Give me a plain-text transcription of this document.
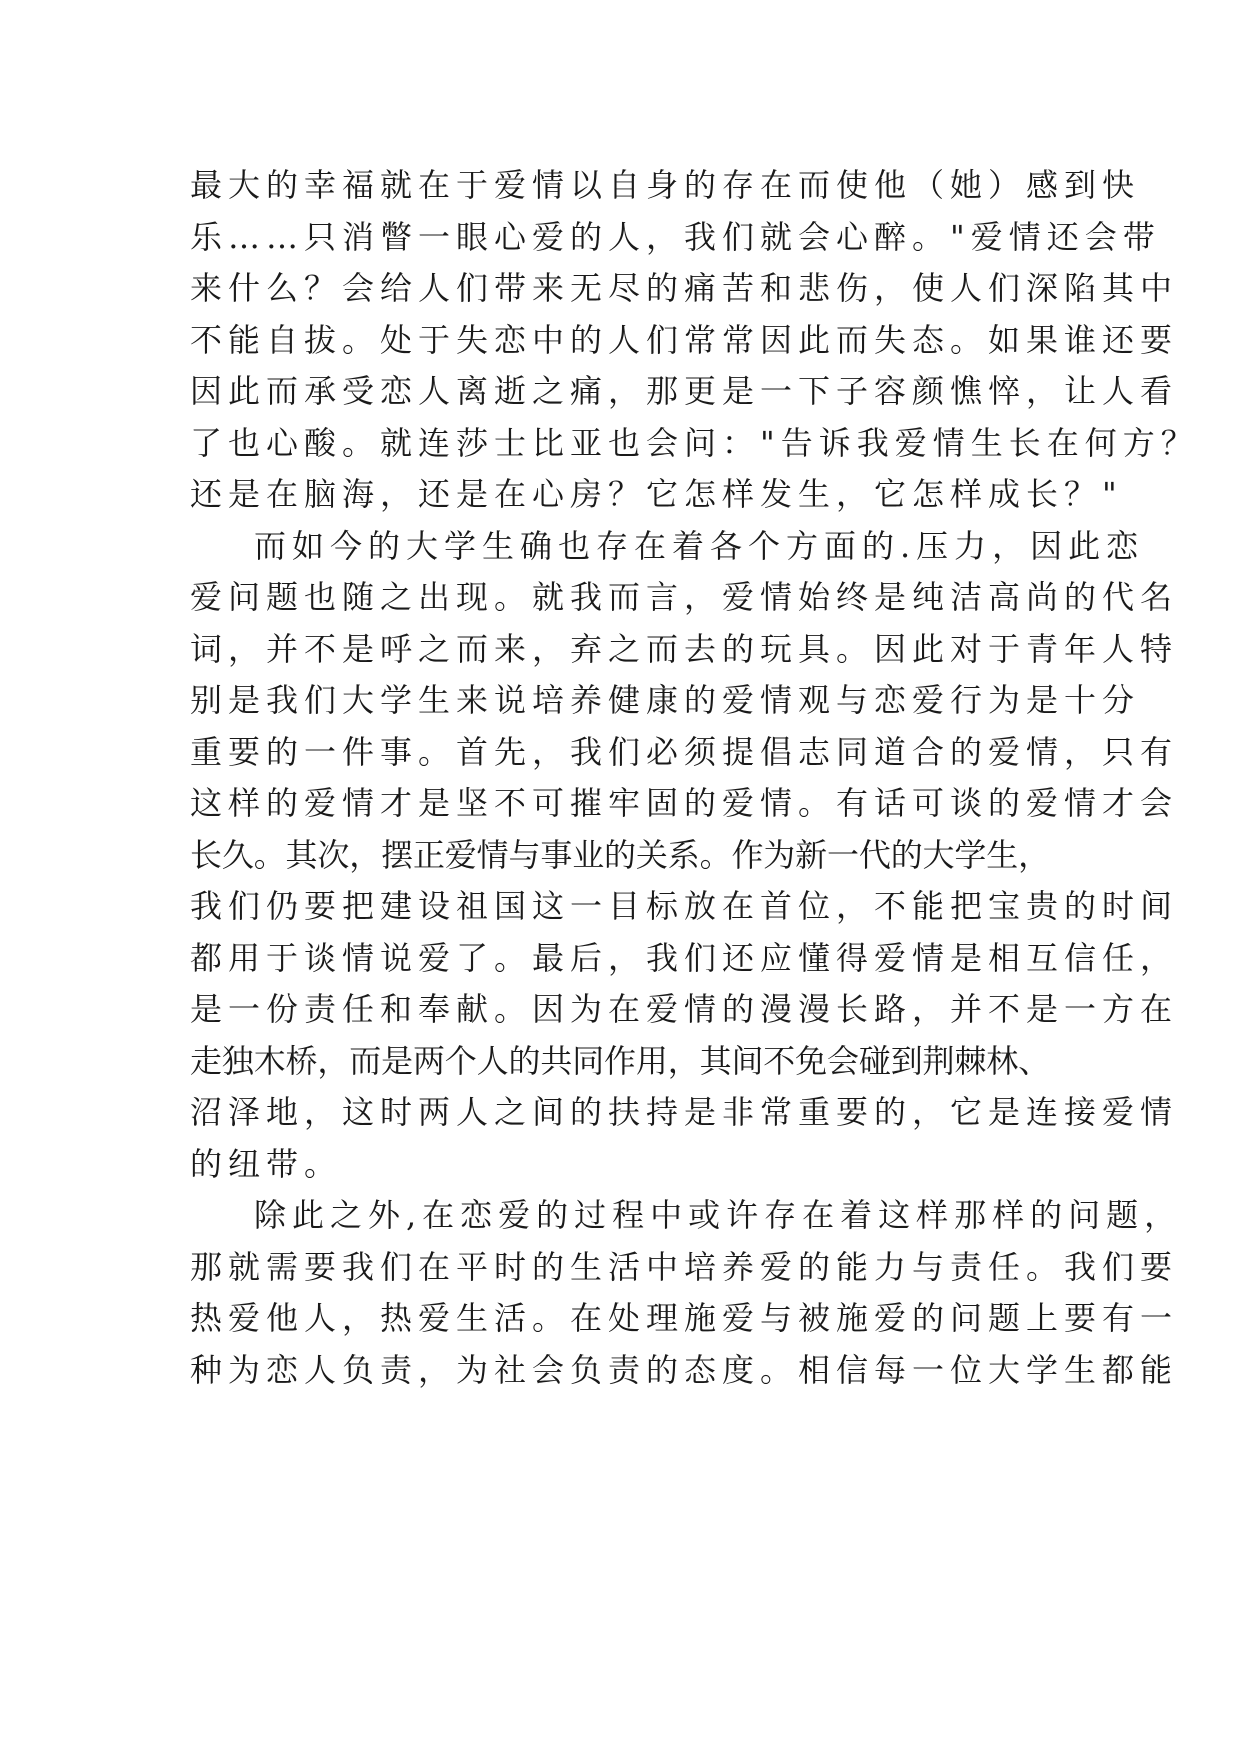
最大的幸福就在于爱情以自身的存在而使他（她）感到快
乐……只消瞥一眼心爱的人，我们就会心醉。"爱情还会带
来什么？会给人们带来无尽的痛苦和悲伤，使人们深陷其中
不能自拔。处于失恋中的人们常常因此而失态。如果谁还要
因此而承受恋人离逝之痛，那更是一下子容颜憔悴，让人看
了也心酸。就连莎士比亚也会问："告诉我爱情生长在何方？
还是在脑海，还是在心房？它怎样发生，它怎样成长？"
而如今的大学生确也存在着各个方面的.压力，因此恋
爱问题也随之出现。就我而言，爱情始终是纯洁高尚的代名
词，并不是呼之而来，弃之而去的玩具。因此对于青年人特
别是我们大学生来说培养健康的爱情观与恋爱行为是十分
重要的一件事。首先，我们必须提倡志同道合的爱情，只有
这样的爱情才是坚不可摧牢固的爱情。有话可谈的爱情才会
长久。其次，摆正爱情与事业的关系。作为新一代的大学生，
我们仍要把建设祖国这一目标放在首位，不能把宝贵的时间
都用于谈情说爱了。最后，我们还应懂得爱情是相互信任，
是一份责任和奉献。因为在爱情的漫漫长路，并不是一方在
走独木桥，而是两个人的共同作用，其间不免会碰到荆棘林、
沼泽地，这时两人之间的扶持是非常重要的，它是连接爱情
的纽带。
除此之外,在恋爱的过程中或许存在着这样那样的问题，
那就需要我们在平时的生活中培养爱的能力与责任。我们要
热爱他人，热爱生活。在处理施爱与被施爱的问题上要有一
种为恋人负责，为社会负责的态度。相信每一位大学生都能
